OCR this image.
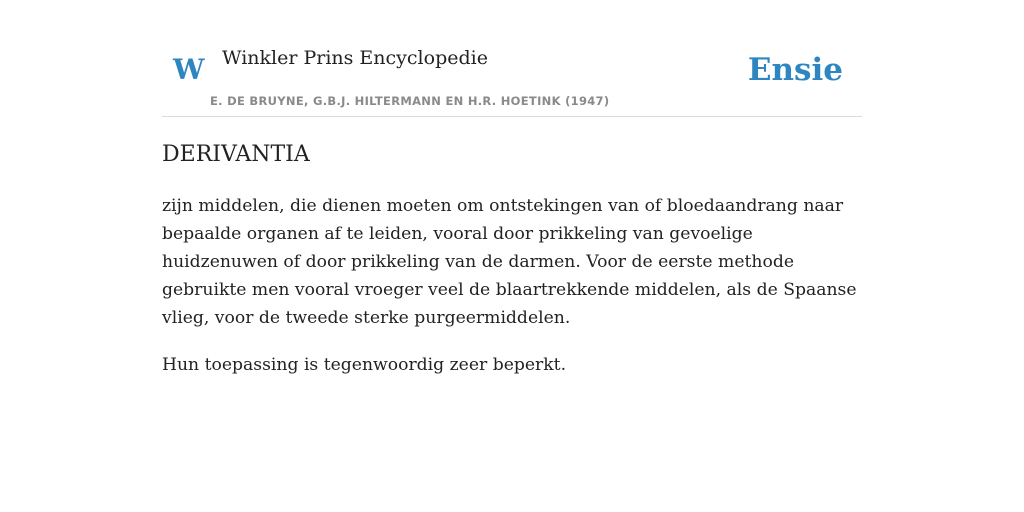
W Winkler Prins Encyclopedie
E. DE BRUYNE, G.B.J. HILTERMANN EN H.R. HOETINK (1947)
Ensie
DERIVANTIA

zijn middelen, die dienen moeten om ontstekingen van of bloedaandrang naar bepaalde organen af te leiden, vooral door prikkeling van gevoelige huidzenuwen of door prikkeling van de darmen. Voor de eerste methode gebruikte men vooral vroeger veel de blaartrekkende middelen, als de Spaanse vlieg, voor de tweede sterke purgeermiddelen.

Hun toepassing is tegenwoordig zeer beperkt.
